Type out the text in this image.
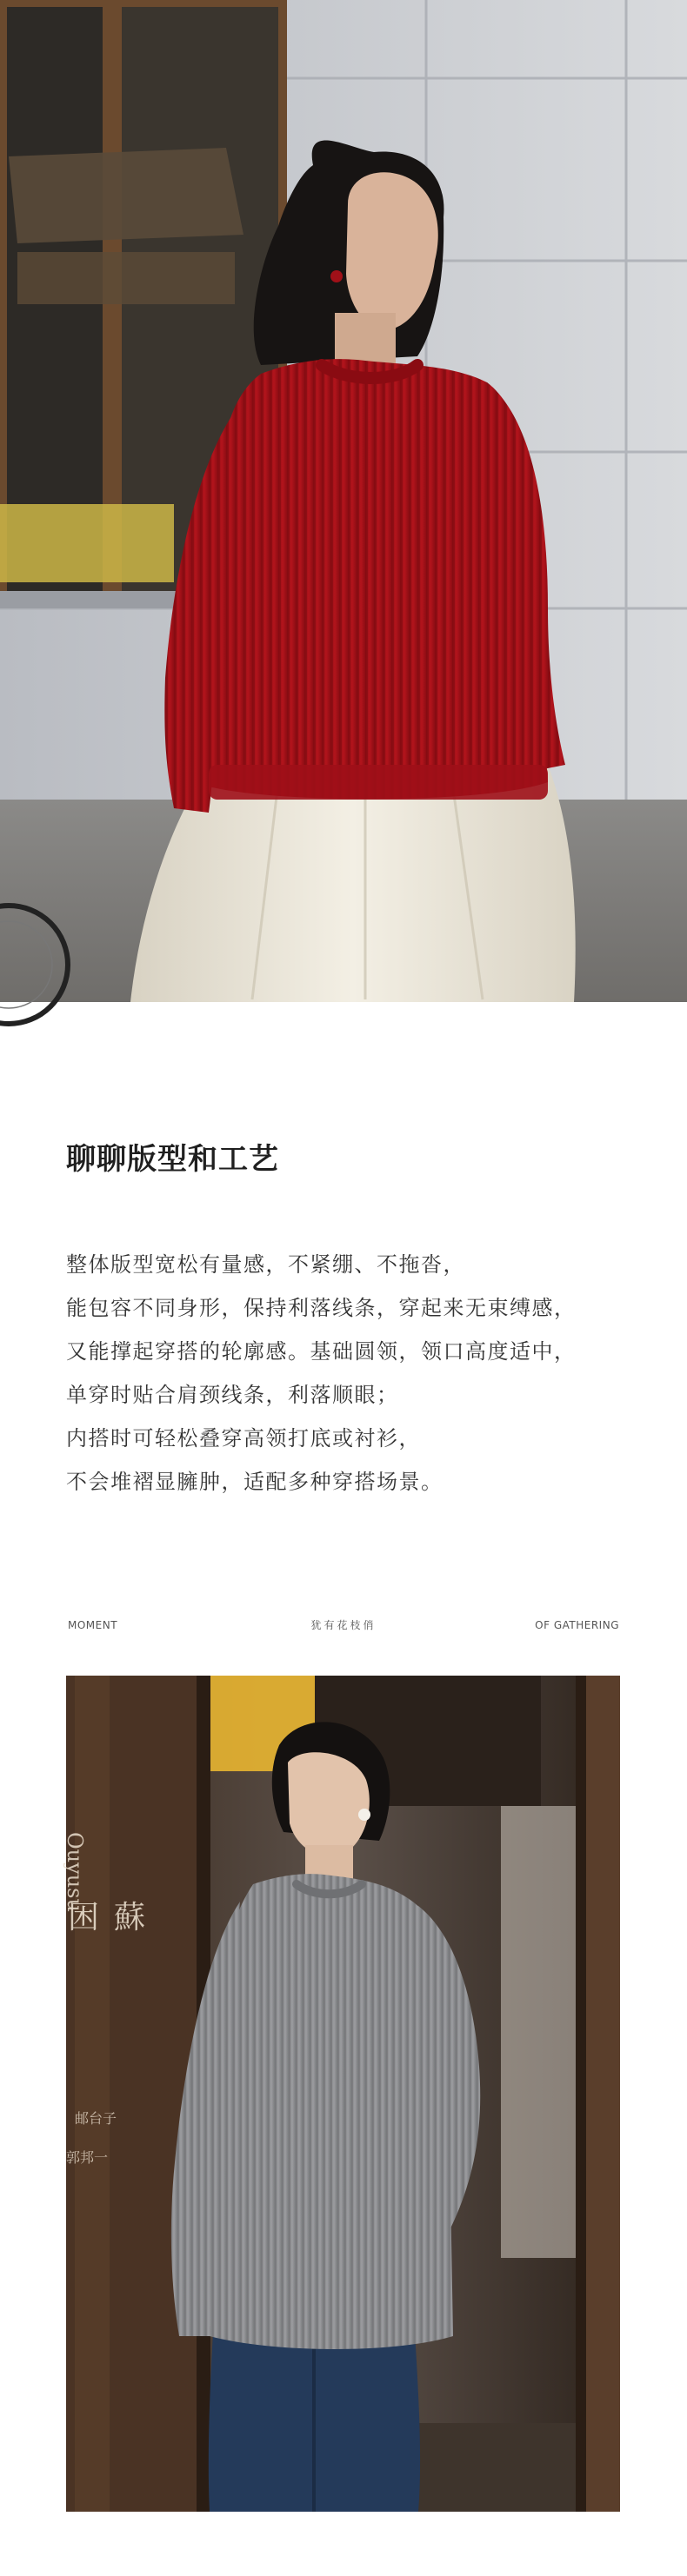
聊聊版型和工艺
整体版型宽松有量感，不紧绷、不拖沓，
能包容不同身形，保持利落线条，穿起来无束缚感，
又能撑起穿搭的轮廓感。基础圆领，领口高度适中，
单穿时贴合肩颈线条，利落顺眼；
内搭时可轻松叠穿高领打底或衬衫，
不会堆褶显臃肿，适配多种穿搭场景。
MOMENT	犹有花枝俏	OF GATHERING
Ouyusu
困 蘇
邮台子
郭邦一
